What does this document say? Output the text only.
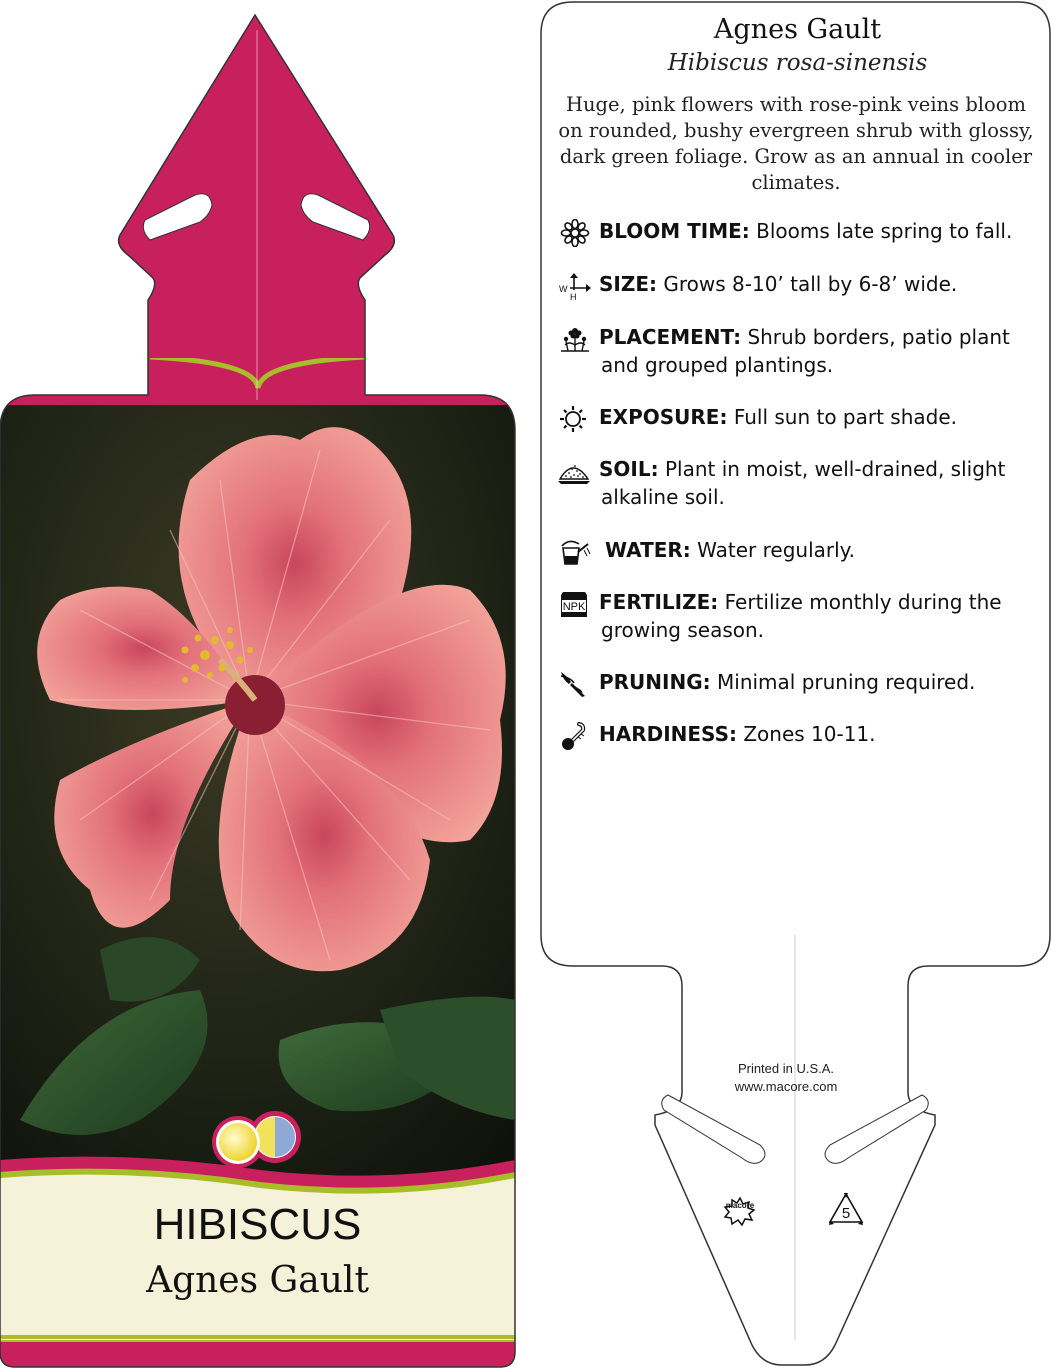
HIBISCUS
Agnes Gault
Agnes Gault
Hibiscus rosa-sinensis
Huge, pink flowers with rose-pink veins bloom on rounded, bushy evergreen shrub with glossy, dark green foliage. Grow as an annual in cooler climates.
BLOOM TIME: Blooms late spring to fall.
W
H
SIZE: Grows 8-10’ tall by 6-8’ wide.
PLACEMENT: Shrub borders, patio plant
and grouped plantings.
EXPOSURE: Full sun to part shade.
SOIL: Plant in moist, well-drained, slight
alkaline soil.
WATER: Water regularly.
NPK FERTILIZE: Fertilize monthly during the
growing season.
PRUNING: Minimal pruning required.
HARDINESS: Zones 10-11.
Printed in U.S.A.
www.macore.com
macore	5
